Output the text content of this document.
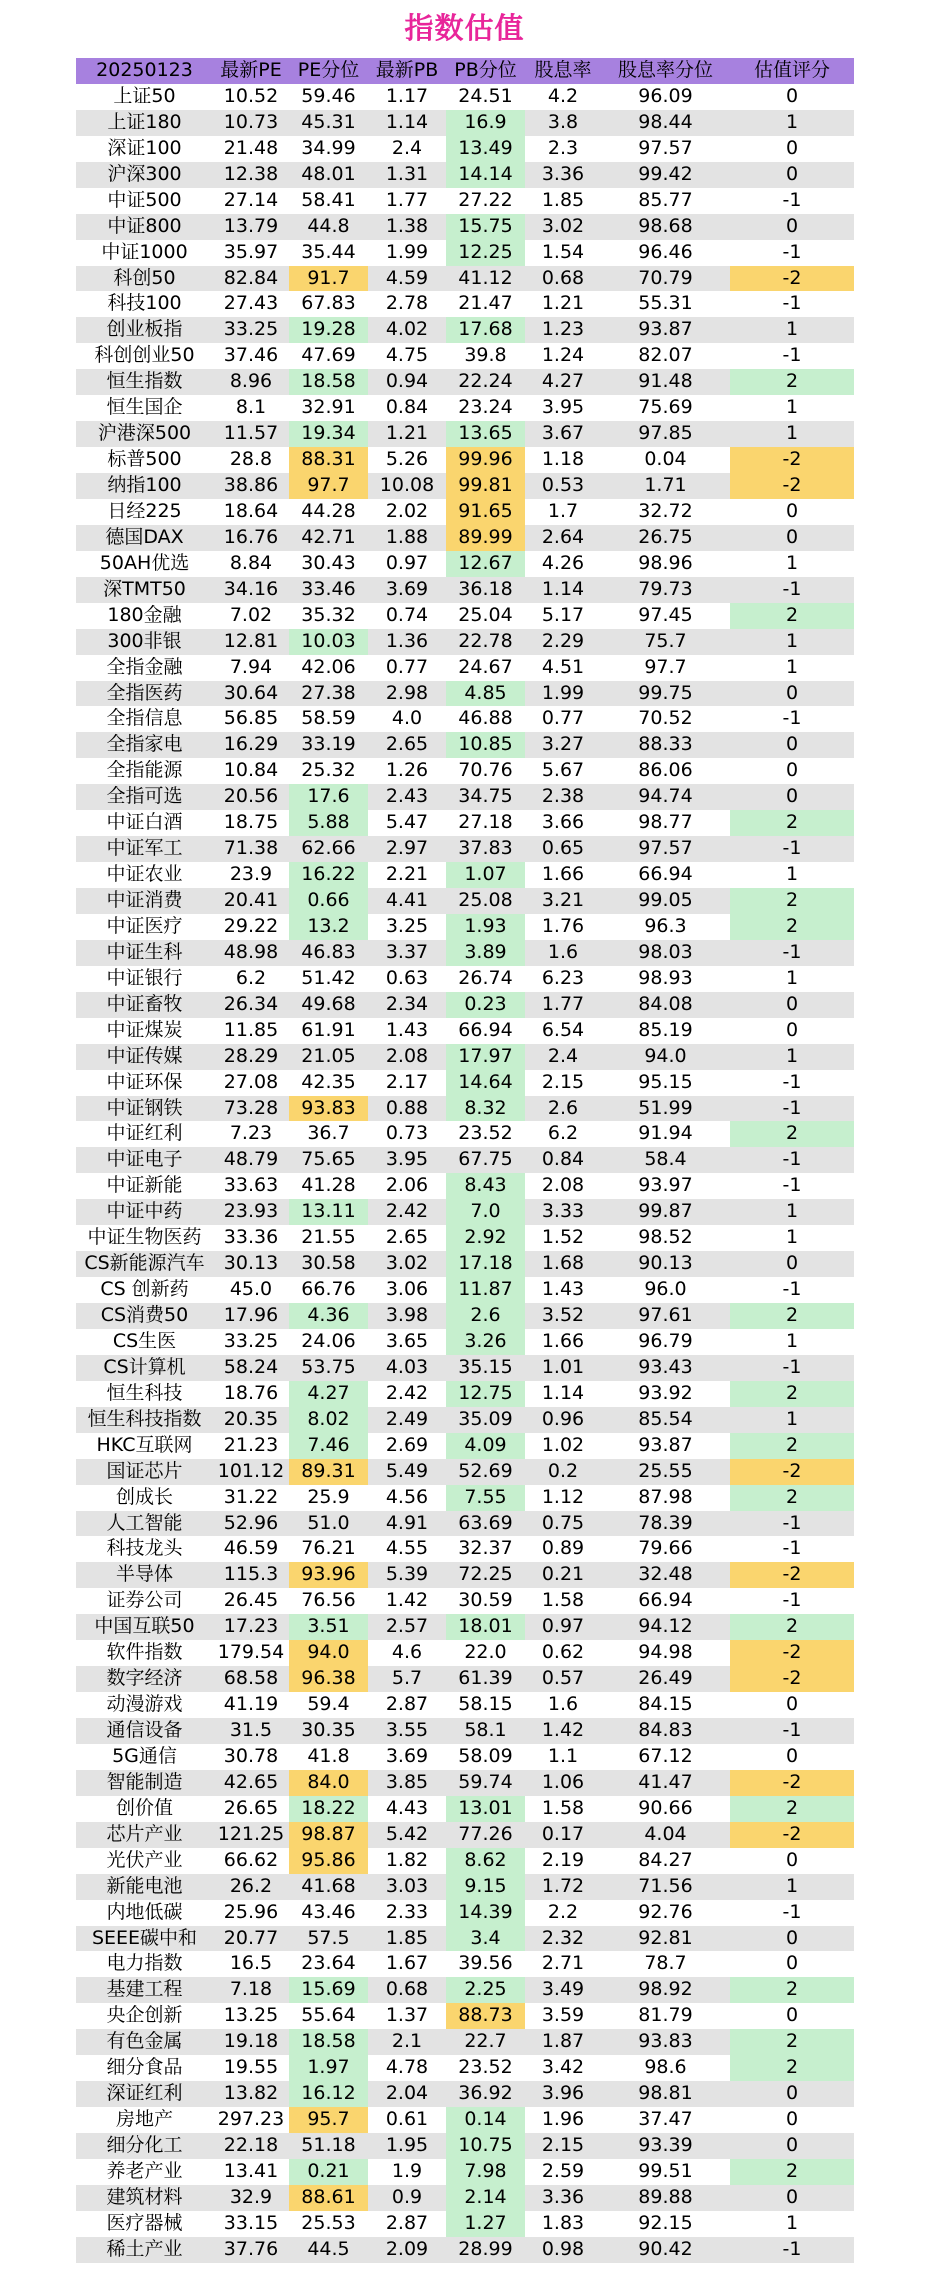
指数估值
20250123	最新PE	PE分位	最新PB	PB分位	股息率	股息率分位	估值评分
上证50	10.52	59.46	1.17	24.51	4.2	96.09	0
上证180	10.73	45.31	1.14	16.9	3.8	98.44	1
深证100	21.48	34.99	2.4	13.49	2.3	97.57	0
沪深300	12.38	48.01	1.31	14.14	3.36	99.42	0
中证500	27.14	58.41	1.77	27.22	1.85	85.77	-1
中证800	13.79	44.8	1.38	15.75	3.02	98.68	0
中证1000	35.97	35.44	1.99	12.25	1.54	96.46	-1
科创50	82.84	91.7	4.59	41.12	0.68	70.79	-2
科技100	27.43	67.83	2.78	21.47	1.21	55.31	-1
创业板指	33.25	19.28	4.02	17.68	1.23	93.87	1
科创创业50	37.46	47.69	4.75	39.8	1.24	82.07	-1
恒生指数	8.96	18.58	0.94	22.24	4.27	91.48	2
恒生国企	8.1	32.91	0.84	23.24	3.95	75.69	1
沪港深500	11.57	19.34	1.21	13.65	3.67	97.85	1
标普500	28.8	88.31	5.26	99.96	1.18	0.04	-2
纳指100	38.86	97.7	10.08	99.81	0.53	1.71	-2
日经225	18.64	44.28	2.02	91.65	1.7	32.72	0
德国DAX	16.76	42.71	1.88	89.99	2.64	26.75	0
50AH优选	8.84	30.43	0.97	12.67	4.26	98.96	1
深TMT50	34.16	33.46	3.69	36.18	1.14	79.73	-1
180金融	7.02	35.32	0.74	25.04	5.17	97.45	2
300非银	12.81	10.03	1.36	22.78	2.29	75.7	1
全指金融	7.94	42.06	0.77	24.67	4.51	97.7	1
全指医药	30.64	27.38	2.98	4.85	1.99	99.75	0
全指信息	56.85	58.59	4.0	46.88	0.77	70.52	-1
全指家电	16.29	33.19	2.65	10.85	3.27	88.33	0
全指能源	10.84	25.32	1.26	70.76	5.67	86.06	0
全指可选	20.56	17.6	2.43	34.75	2.38	94.74	0
中证白酒	18.75	5.88	5.47	27.18	3.66	98.77	2
中证军工	71.38	62.66	2.97	37.83	0.65	97.57	-1
中证农业	23.9	16.22	2.21	1.07	1.66	66.94	1
中证消费	20.41	0.66	4.41	25.08	3.21	99.05	2
中证医疗	29.22	13.2	3.25	1.93	1.76	96.3	2
中证生科	48.98	46.83	3.37	3.89	1.6	98.03	-1
中证银行	6.2	51.42	0.63	26.74	6.23	98.93	1
中证畜牧	26.34	49.68	2.34	0.23	1.77	84.08	0
中证煤炭	11.85	61.91	1.43	66.94	6.54	85.19	0
中证传媒	28.29	21.05	2.08	17.97	2.4	94.0	1
中证环保	27.08	42.35	2.17	14.64	2.15	95.15	-1
中证钢铁	73.28	93.83	0.88	8.32	2.6	51.99	-1
中证红利	7.23	36.7	0.73	23.52	6.2	91.94	2
中证电子	48.79	75.65	3.95	67.75	0.84	58.4	-1
中证新能	33.63	41.28	2.06	8.43	2.08	93.97	-1
中证中药	23.93	13.11	2.42	7.0	3.33	99.87	1
中证生物医药	33.36	21.55	2.65	2.92	1.52	98.52	1
CS新能源汽车	30.13	30.58	3.02	17.18	1.68	90.13	0
CS 创新药	45.0	66.76	3.06	11.87	1.43	96.0	-1
CS消费50	17.96	4.36	3.98	2.6	3.52	97.61	2
CS生医	33.25	24.06	3.65	3.26	1.66	96.79	1
CS计算机	58.24	53.75	4.03	35.15	1.01	93.43	-1
恒生科技	18.76	4.27	2.42	12.75	1.14	93.92	2
恒生科技指数	20.35	8.02	2.49	35.09	0.96	85.54	1
HKC互联网	21.23	7.46	2.69	4.09	1.02	93.87	2
国证芯片	101.12	89.31	5.49	52.69	0.2	25.55	-2
创成长	31.22	25.9	4.56	7.55	1.12	87.98	2
人工智能	52.96	51.0	4.91	63.69	0.75	78.39	-1
科技龙头	46.59	76.21	4.55	32.37	0.89	79.66	-1
半导体	115.3	93.96	5.39	72.25	0.21	32.48	-2
证券公司	26.45	76.56	1.42	30.59	1.58	66.94	-1
中国互联50	17.23	3.51	2.57	18.01	0.97	94.12	2
软件指数	179.54	94.0	4.6	22.0	0.62	94.98	-2
数字经济	68.58	96.38	5.7	61.39	0.57	26.49	-2
动漫游戏	41.19	59.4	2.87	58.15	1.6	84.15	0
通信设备	31.5	30.35	3.55	58.1	1.42	84.83	-1
5G通信	30.78	41.8	3.69	58.09	1.1	67.12	0
智能制造	42.65	84.0	3.85	59.74	1.06	41.47	-2
创价值	26.65	18.22	4.43	13.01	1.58	90.66	2
芯片产业	121.25	98.87	5.42	77.26	0.17	4.04	-2
光伏产业	66.62	95.86	1.82	8.62	2.19	84.27	0
新能电池	26.2	41.68	3.03	9.15	1.72	71.56	1
内地低碳	25.96	43.46	2.33	14.39	2.2	92.76	-1
SEEE碳中和	20.77	57.5	1.85	3.4	2.32	92.81	0
电力指数	16.5	23.64	1.67	39.56	2.71	78.7	0
基建工程	7.18	15.69	0.68	2.25	3.49	98.92	2
央企创新	13.25	55.64	1.37	88.73	3.59	81.79	0
有色金属	19.18	18.58	2.1	22.7	1.87	93.83	2
细分食品	19.55	1.97	4.78	23.52	3.42	98.6	2
深证红利	13.82	16.12	2.04	36.92	3.96	98.81	0
房地产	297.23	95.7	0.61	0.14	1.96	37.47	0
细分化工	22.18	51.18	1.95	10.75	2.15	93.39	0
养老产业	13.41	0.21	1.9	7.98	2.59	99.51	2
建筑材料	32.9	88.61	0.9	2.14	3.36	89.88	0
医疗器械	33.15	25.53	2.87	1.27	1.83	92.15	1
稀土产业	37.76	44.5	2.09	28.99	0.98	90.42	-1
